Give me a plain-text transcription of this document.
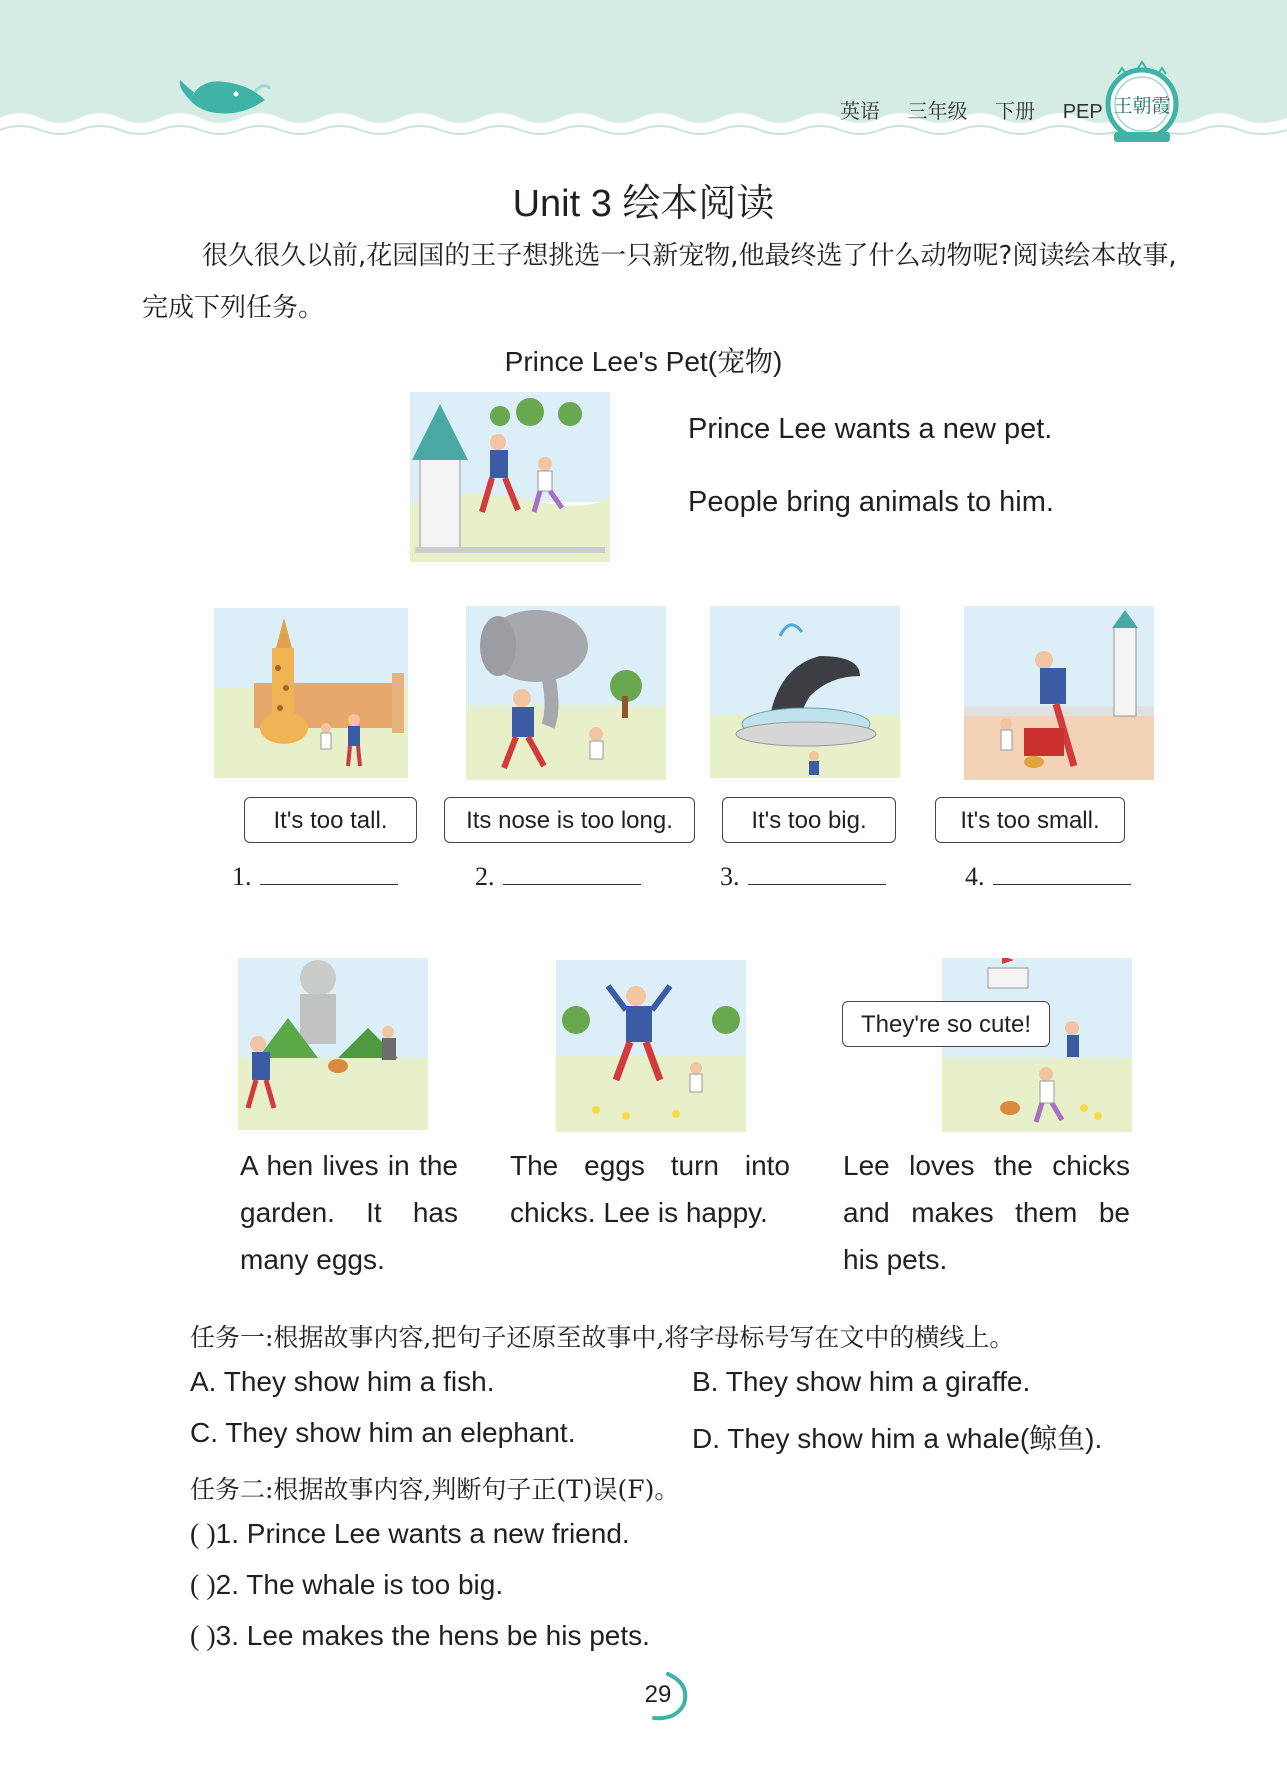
英语 三年级 下册 PEP 王朝霞
Unit 3 绘本阅读
很久很久以前,花园国的王子想挑选一只新宠物,他最终选了什么动物呢?阅读绘本故事,完成下列任务。
Prince Lee's Pet(宠物)
Prince Lee wants a new pet.
People bring animals to him.
It's too tall.	Its nose is too long.	It's too big.	It's too small.
1.	2.	3.	4.
They're so cute!
A hen lives in the garden. It has many eggs.
The eggs turn into chicks. Lee is happy.
Lee loves the chicks and makes them be his pets.
任务一:根据故事内容,把句子还原至故事中,将字母标号写在文中的横线上。
A. They show him a fish.	B. They show him a giraffe.
C. They show him an elephant.	D. They show him a whale(鲸鱼).
任务二:根据故事内容,判断句子正(T)误(F)。
( )1. Prince Lee wants a new friend.
( )2. The whale is too big.
( )3. Lee makes the hens be his pets.
29
